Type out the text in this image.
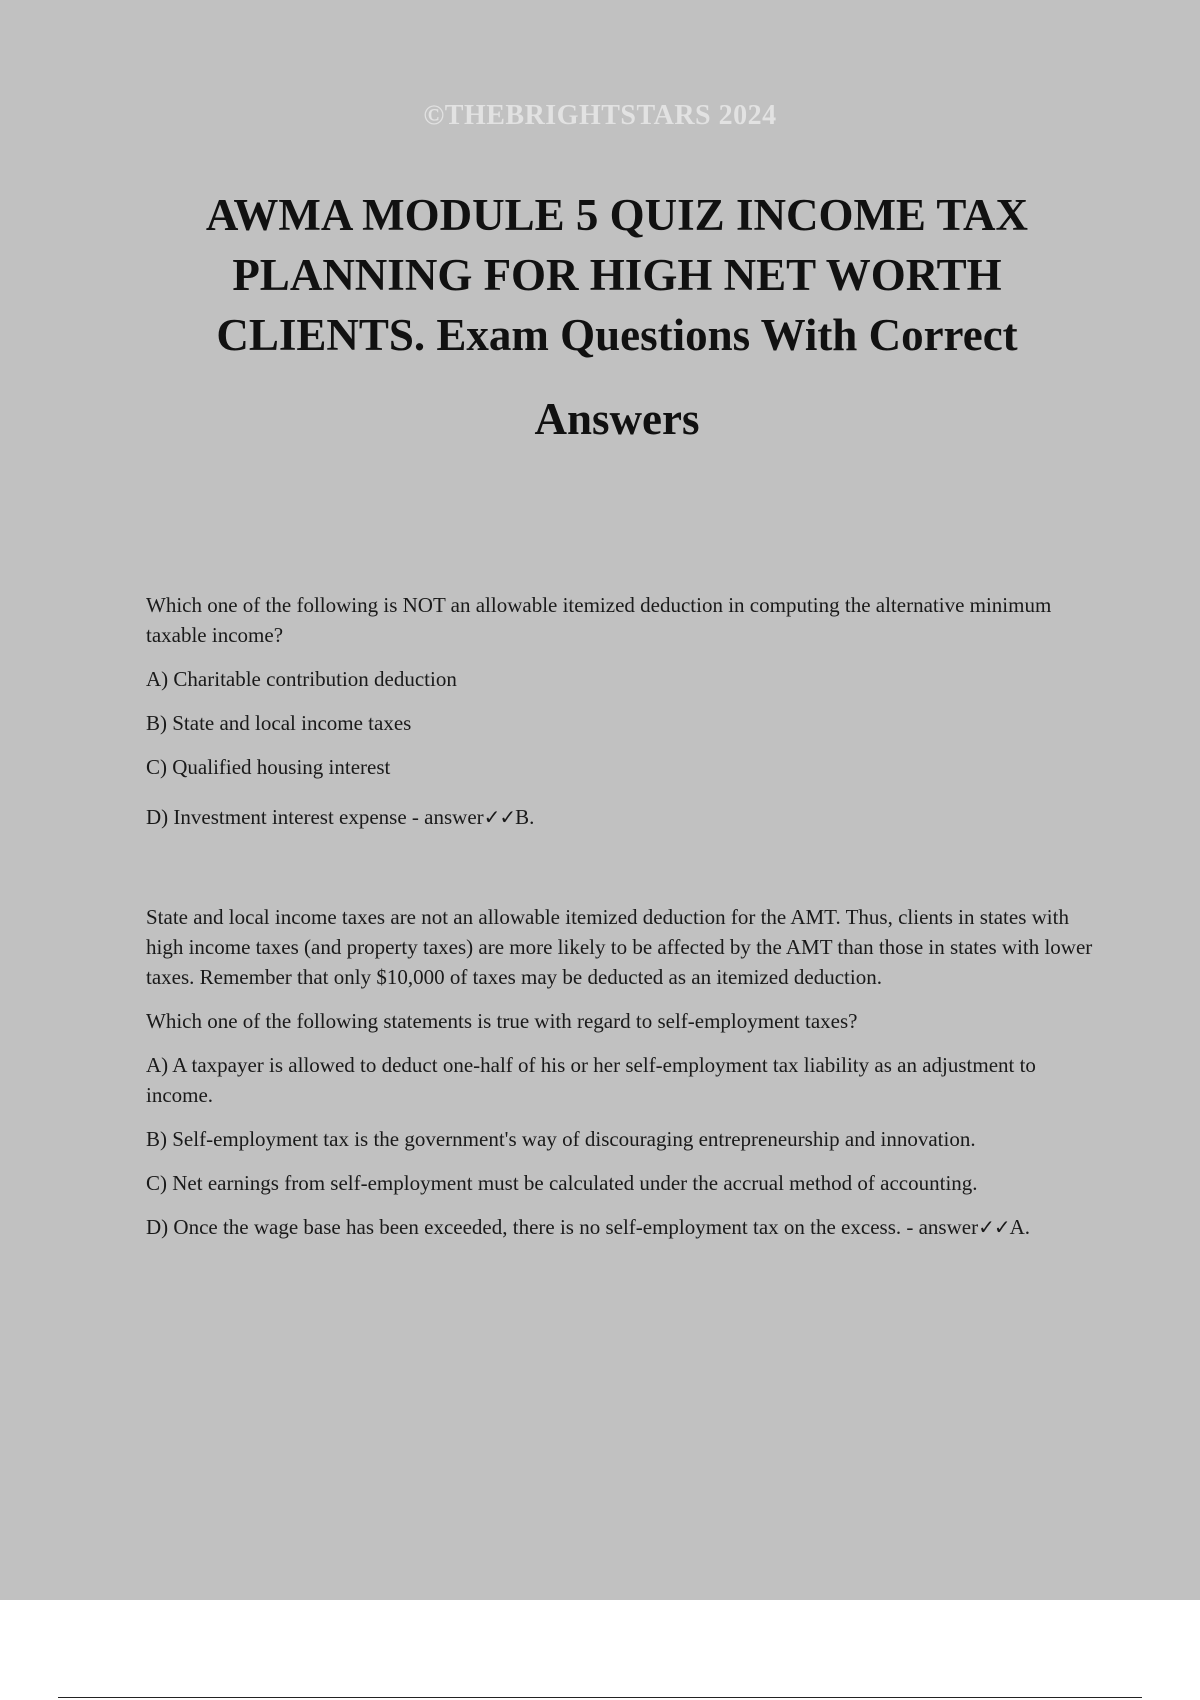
©THEBRIGHTSTARS 2024
AWMA MODULE 5 QUIZ INCOME TAX PLANNING FOR HIGH NET WORTH CLIENTS. Exam Questions With Correct
Answers

Which one of the following is NOT an allowable itemized deduction in computing the alternative minimum taxable income?

A) Charitable contribution deduction

B) State and local income taxes

C) Qualified housing interest

D) Investment interest expense - answer✓✓B.

State and local income taxes are not an allowable itemized deduction for the AMT. Thus, clients in states with high income taxes (and property taxes) are more likely to be affected by the AMT than those in states with lower taxes. Remember that only $10,000 of taxes may be deducted as an itemized deduction.

Which one of the following statements is true with regard to self-employment taxes?

A) A taxpayer is allowed to deduct one-half of his or her self-employment tax liability as an adjustment to income.

B) Self-employment tax is the government's way of discouraging entrepreneurship and innovation.

C) Net earnings from self-employment must be calculated under the accrual method of accounting.

D) Once the wage base has been exceeded, there is no self-employment tax on the excess. - answer✓✓A.
